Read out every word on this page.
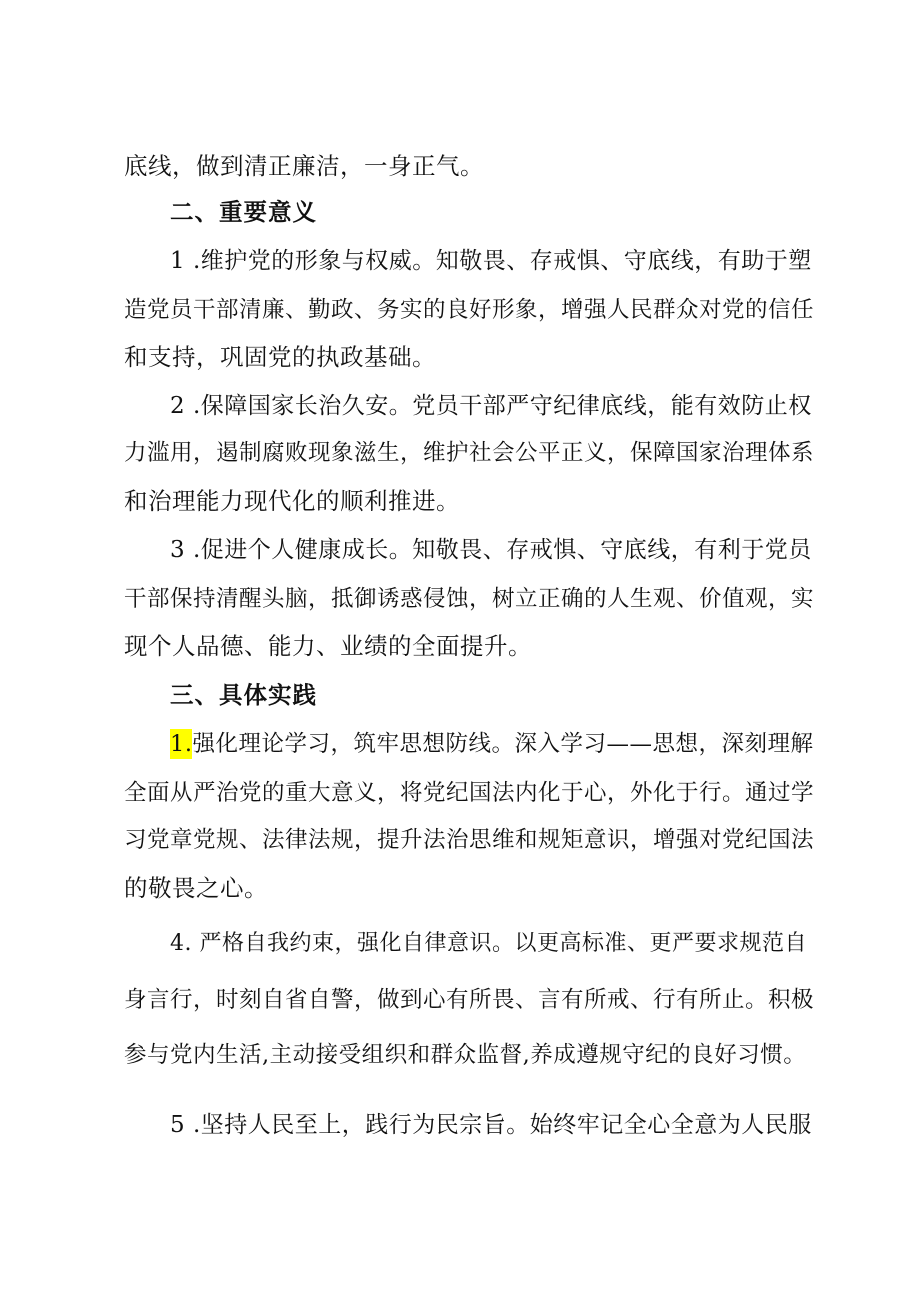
底线，做到清正廉洁，一身正气。
二、重要意义
1 .维护党的形象与权威。知敬畏、存戒惧、守底线，有助于塑
造党员干部清廉、勤政、务实的良好形象，增强人民群众对党的信任
和支持，巩固党的执政基础。
2 .保障国家长治久安。党员干部严守纪律底线，能有效防止权
力滥用，遏制腐败现象滋生，维护社会公平正义，保障国家治理体系
和治理能力现代化的顺利推进。
3 .促进个人健康成长。知敬畏、存戒惧、守底线，有利于党员
干部保持清醒头脑，抵御诱惑侵蚀，树立正确的人生观、价值观，实
现个人品德、能力、业绩的全面提升。
三、具体实践
1.强化理论学习，筑牢思想防线。深入学习——思想，深刻理解
全面从严治党的重大意义，将党纪国法内化于心，外化于行。通过学
习党章党规、法律法规，提升法治思维和规矩意识，增强对党纪国法
的敬畏之心。
4. 严格自我约束，强化自律意识。以更高标准、更严要求规范自
身言行，时刻自省自警，做到心有所畏、言有所戒、行有所止。积极
参与党内生活,主动接受组织和群众监督,养成遵规守纪的良好习惯。
5 .坚持人民至上，践行为民宗旨。始终牢记全心全意为人民服
